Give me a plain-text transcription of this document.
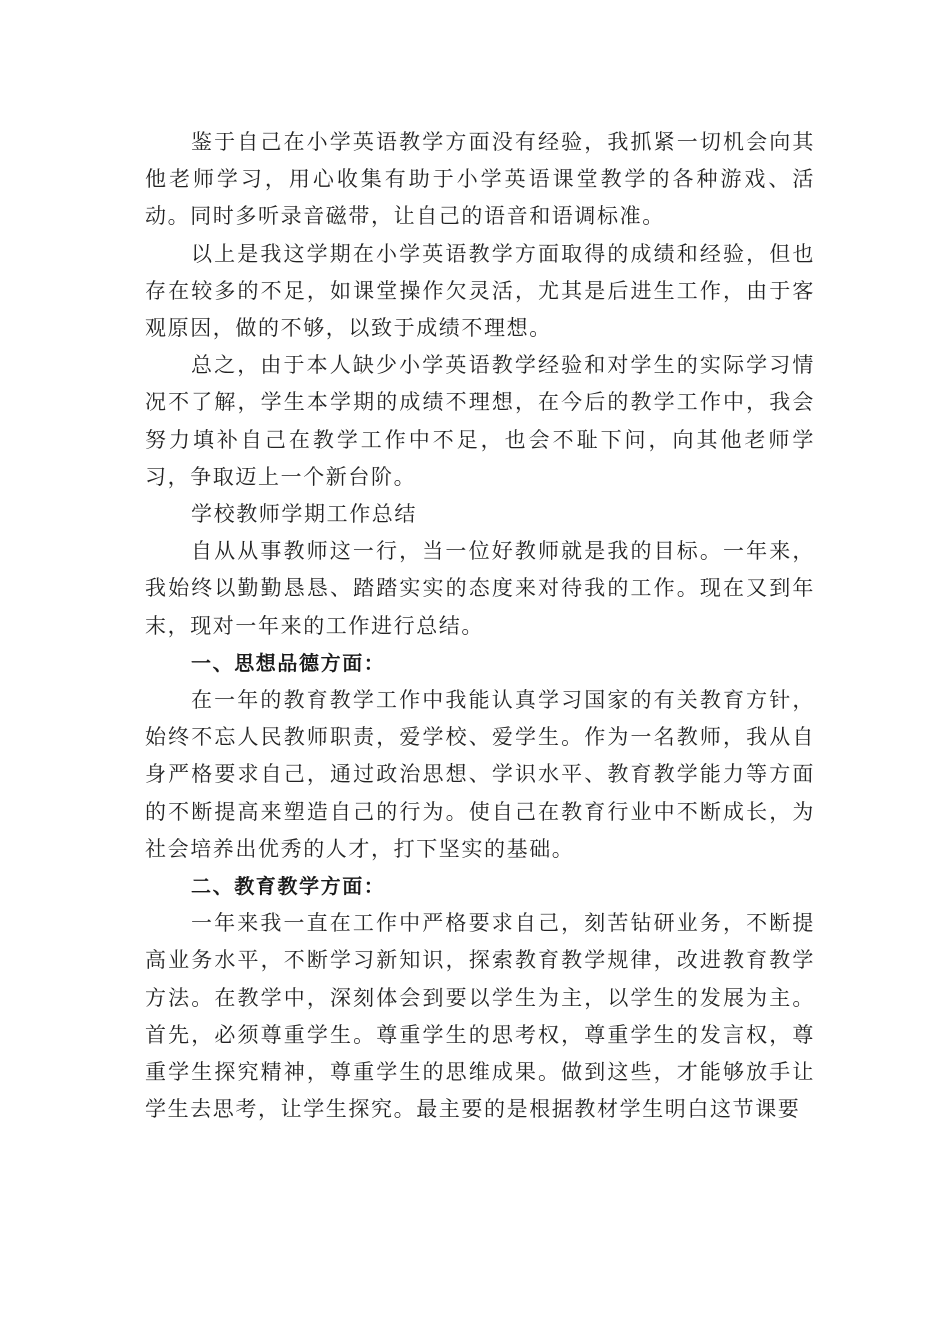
鉴于自己在小学英语教学方面没有经验，我抓紧一切机会向其他老师学习，用心收集有助于小学英语课堂教学的各种游戏、活动。同时多听录音磁带，让自己的语音和语调标准。

以上是我这学期在小学英语教学方面取得的成绩和经验，但也存在较多的不足，如课堂操作欠灵活，尤其是后进生工作，由于客观原因，做的不够，以致于成绩不理想。

总之，由于本人缺少小学英语教学经验和对学生的实际学习情况不了解，学生本学期的成绩不理想，在今后的教学工作中，我会努力填补自己在教学工作中不足，也会不耻下问，向其他老师学习，争取迈上一个新台阶。

学校教师学期工作总结

自从从事教师这一行，当一位好教师就是我的目标。一年来，我始终以勤勤恳恳、踏踏实实的态度来对待我的工作。现在又到年末，现对一年来的工作进行总结。

一、思想品德方面：

在一年的教育教学工作中我能认真学习国家的有关教育方针，始终不忘人民教师职责，爱学校、爱学生。作为一名教师，我从自身严格要求自己，通过政治思想、学识水平、教育教学能力等方面的不断提高来塑造自己的行为。使自己在教育行业中不断成长，为社会培养出优秀的人才，打下坚实的基础。

二、教育教学方面：

一年来我一直在工作中严格要求自己，刻苦钻研业务，不断提高业务水平，不断学习新知识，探索教育教学规律，改进教育教学方法。在教学中，深刻体会到要以学生为主，以学生的发展为主。首先，必须尊重学生。尊重学生的思考权，尊重学生的发言权，尊重学生探究精神，尊重学生的思维成果。做到这些，才能够放手让学生去思考，让学生探究。最主要的是根据教材学生明白这节课要
